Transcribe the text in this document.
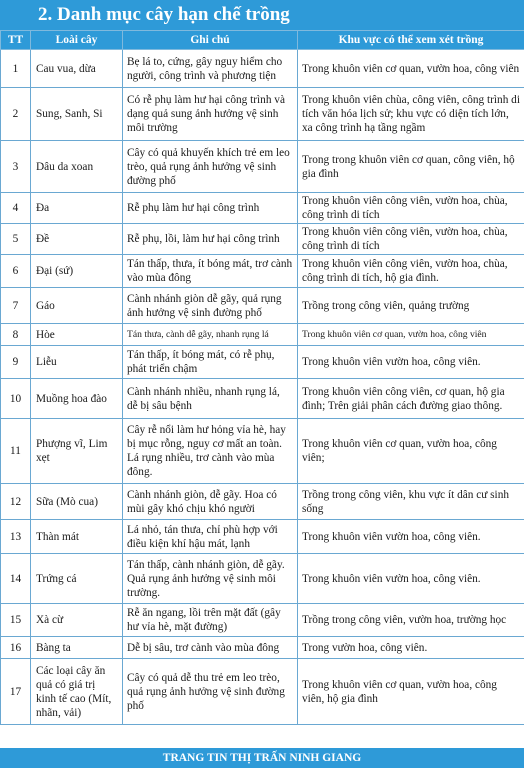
2. Danh mục cây hạn chế trồng
TT	Loài cây	Ghi chú	Khu vực có thể xem xét trồng
1	Cau vua, dừa	Bẹ lá to, cứng, gây nguy hiểm cho người, công trình và phương tiện	Trong khuôn viên cơ quan, vườn hoa, công viên
2	Sung, Sanh, Si	Có rễ phụ làm hư hại công trình và dạng quả sung ảnh hưởng vệ sinh môi trường	Trong khuôn viên chùa, công viên, công trình di tích văn hóa lịch sử; khu vực có diện tích lớn, xa công trình hạ tầng ngầm
3	Dâu da xoan	Cây có quả khuyến khích trẻ em leo trèo, quả rụng ảnh hưởng vệ sinh đường phố	Trong trong khuôn viên cơ quan, công viên, hộ gia đình
4	Đa	Rễ phụ làm hư hại công trình	Trong khuôn viên công viên, vườn hoa, chùa, công trình di tích
5	Đề	Rễ phụ, lồi, làm hư hại công trình	Trong khuôn viên công viên, vườn hoa, chùa, công trình di tích
6	Đại (sứ)	Tán thấp, thưa, ít bóng mát, trơ cành vào mùa đông	Trong khuôn viên công viên, vườn hoa, chùa, công trình di tích, hộ gia đình.
7	Gáo	Cành nhánh giòn dễ gãy, quả rụng ảnh hưởng vệ sinh đường phố	Trồng trong công viên, quảng trường
8	Hòe	Tán thưa, cành dễ gãy, nhanh rụng lá	Trong khuôn viên cơ quan, vườn hoa, công viên
9	Liễu	Tán thấp, ít bóng mát, có rễ phụ, phát triển chậm	Trong khuôn viên vườn hoa, công viên.
10	Muồng hoa đào	Cành nhánh nhiều, nhanh rụng lá, dễ bị sâu bệnh	Trong khuôn viên công viên, cơ quan, hộ gia đình; Trên giải phân cách đường giao thông.
11	Phượng vĩ, Lim xẹt	Cây rễ nổi làm hư hỏng vỉa hè, hay bị mục rỗng, nguy cơ mất an toàn. Lá rụng nhiều, trơ cành vào mùa đông.	Trong khuôn viên cơ quan, vườn hoa, công viên;
12	Sữa (Mò cua)	Cành nhánh giòn, dễ gãy. Hoa có mùi gây khó chịu khó người	Trồng trong công viên, khu vực ít dân cư sinh sống
13	Thàn mát	Lá nhỏ, tán thưa, chỉ phù hợp với điều kiện khí hậu mát, lạnh	Trong khuôn viên vườn hoa, công viên.
14	Trứng cá	Tán thấp, cành nhánh giòn, dễ gãy. Quả rụng ảnh hưởng vệ sinh môi trường.	Trong khuôn viên vườn hoa, công viên.
15	Xà cừ	Rễ ăn ngang, lồi trên mặt đất (gây hư vỉa hè, mặt đường)	Trồng trong công viên, vườn hoa, trường học
16	Bàng ta	Dễ bị sâu, trơ cành vào mùa đông	Trong vườn hoa, công viên.
17	Các loại cây ăn quả có giá trị kinh tế cao (Mít, nhãn, vải)	Cây có quả dễ thu trẻ em leo trèo, quả rụng ảnh hưởng vệ sinh đường phố	Trong khuôn viên cơ quan, vườn hoa, công viên, hộ gia đình
TRANG TIN THỊ TRẤN NINH GIANG
